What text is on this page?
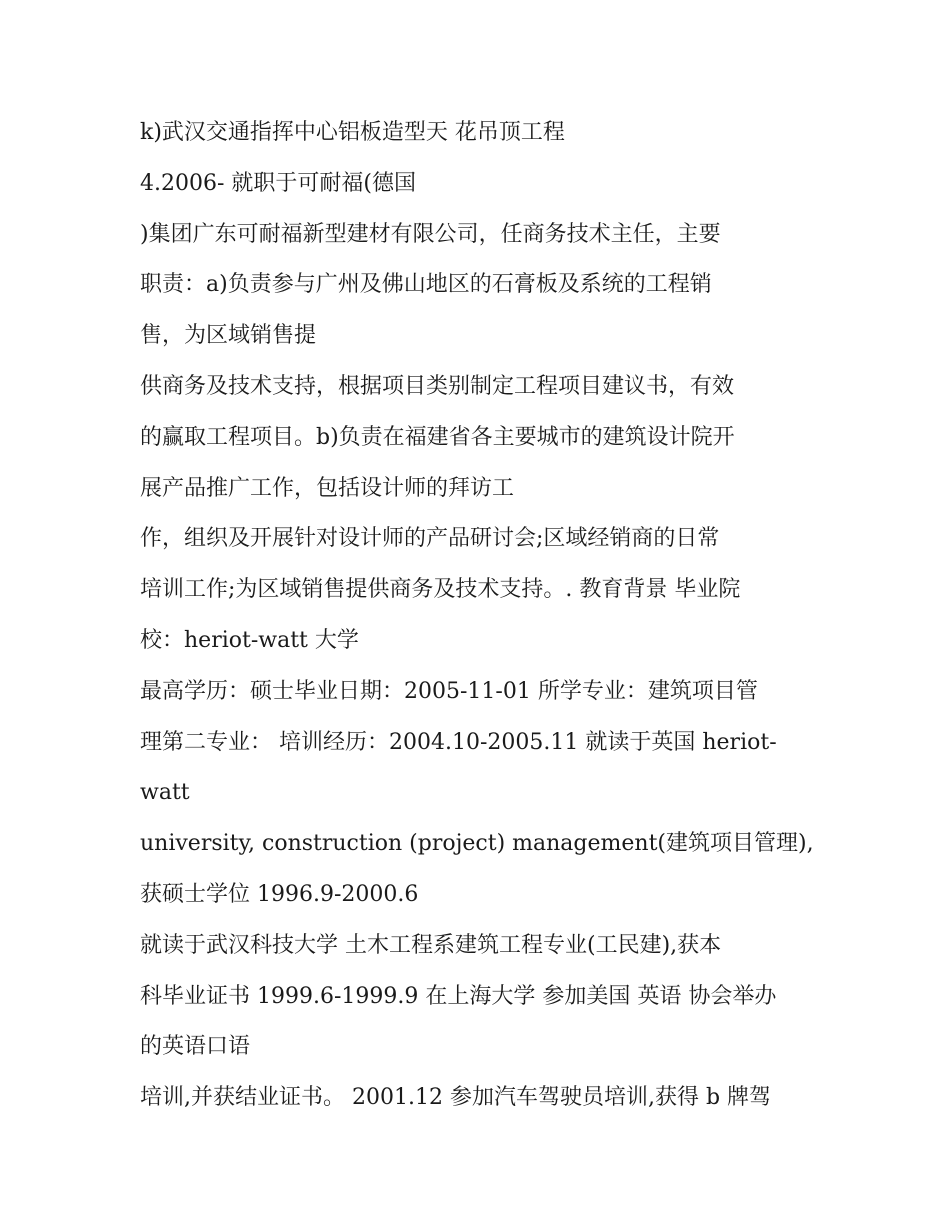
k)武汉交通指挥中心铝板造型天 花吊顶工程
4.2006- 就职于可耐福(德国
)集团广东可耐福新型建材有限公司，任商务技术主任，主要
职责：a)负责参与广州及佛山地区的石膏板及系统的工程销
售，为区域销售提
供商务及技术支持，根据项目类别制定工程项目建议书，有效
的赢取工程项目。b)负责在福建省各主要城市的建筑设计院开
展产品推广工作，包括设计师的拜访工
作，组织及开展针对设计师的产品研讨会;区域经销商的日常
培训工作;为区域销售提供商务及技术支持。. 教育背景 毕业院
校：heriot-watt 大学
最高学历：硕士毕业日期：2005-11-01 所学专业：建筑项目管
理第二专业： 培训经历：2004.10-2005.11 就读于英国 heriot-
watt
university, construction (project) management(建筑项目管理),
获硕士学位 1996.9-2000.6
就读于武汉科技大学 土木工程系建筑工程专业(工民建),获本
科毕业证书 1999.6-1999.9 在上海大学 参加美国 英语 协会举办
的英语口语
培训,并获结业证书。 2001.12 参加汽车驾驶员培训,获得 b 牌驾
